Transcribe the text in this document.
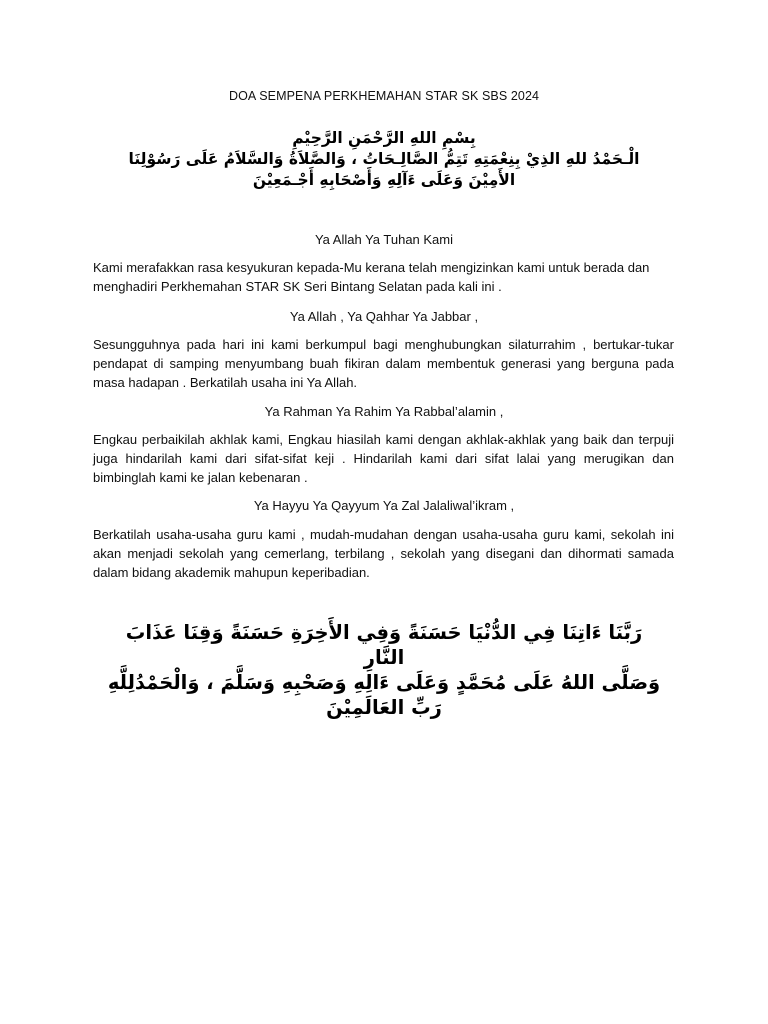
DOA SEMPENA PERKHEMAHAN STAR SK SBS 2024
بِسْمِ اللهِ الرَّحْمَنِ الرَّحِيْمِ
الْـحَمْدُ للهِ الذِيْ بِنِعْمَتِهِ تَتِمُّ الصَّالِـحَاتُ ، وَالصَّلاَةُ وَالسَّلاَمُ عَلَى رَسُوْلِنَا
الأَمِيْنَ وَعَلَى ءَآلِهِ وَأَصْحَابِهِ أَجْـمَعِيْنَ
Ya Allah Ya Tuhan Kami
Kami merafakkan rasa kesyukuran kepada-Mu kerana telah mengizinkan kami untuk berada dan menghadiri Perkhemahan STAR SK Seri Bintang Selatan pada kali ini .
Ya Allah , Ya Qahhar Ya Jabbar ,
Sesungguhnya pada hari ini kami berkumpul bagi menghubungkan silaturrahim , bertukar-tukar pendapat di samping menyumbang buah fikiran dalam membentuk generasi yang berguna pada masa hadapan . Berkatilah usaha ini Ya Allah.
Ya Rahman Ya Rahim Ya Rabbal’alamin ,
Engkau perbaikilah akhlak kami, Engkau hiasilah kami dengan akhlak-akhlak yang baik dan terpuji juga hindarilah kami dari sifat-sifat keji . Hindarilah kami dari sifat lalai yang merugikan dan bimbinglah kami ke jalan kebenaran .
Ya Hayyu Ya Qayyum Ya Zal Jalaliwal’ikram ,
Berkatilah usaha-usaha guru kami , mudah-mudahan dengan usaha-usaha guru kami, sekolah ini akan menjadi sekolah yang cemerlang, terbilang , sekolah yang disegani dan dihormati samada dalam bidang akademik mahupun keperibadian.
رَبَّنَا ءَاتِنَا فِي الدُّنْيَا حَسَنَةً وَفِي الأَخِرَةِ حَسَنَةً وَقِنَا عَذَابَ
النَّارِ
وَصَلَّى اللهُ عَلَى مُحَمَّدٍ وَعَلَى ءَالِهِ وَصَحْبِهِ وَسَلَّمَ ، وَالْحَمْدُلِلَّهِ
رَبِّ العَالَمِيْنَ
